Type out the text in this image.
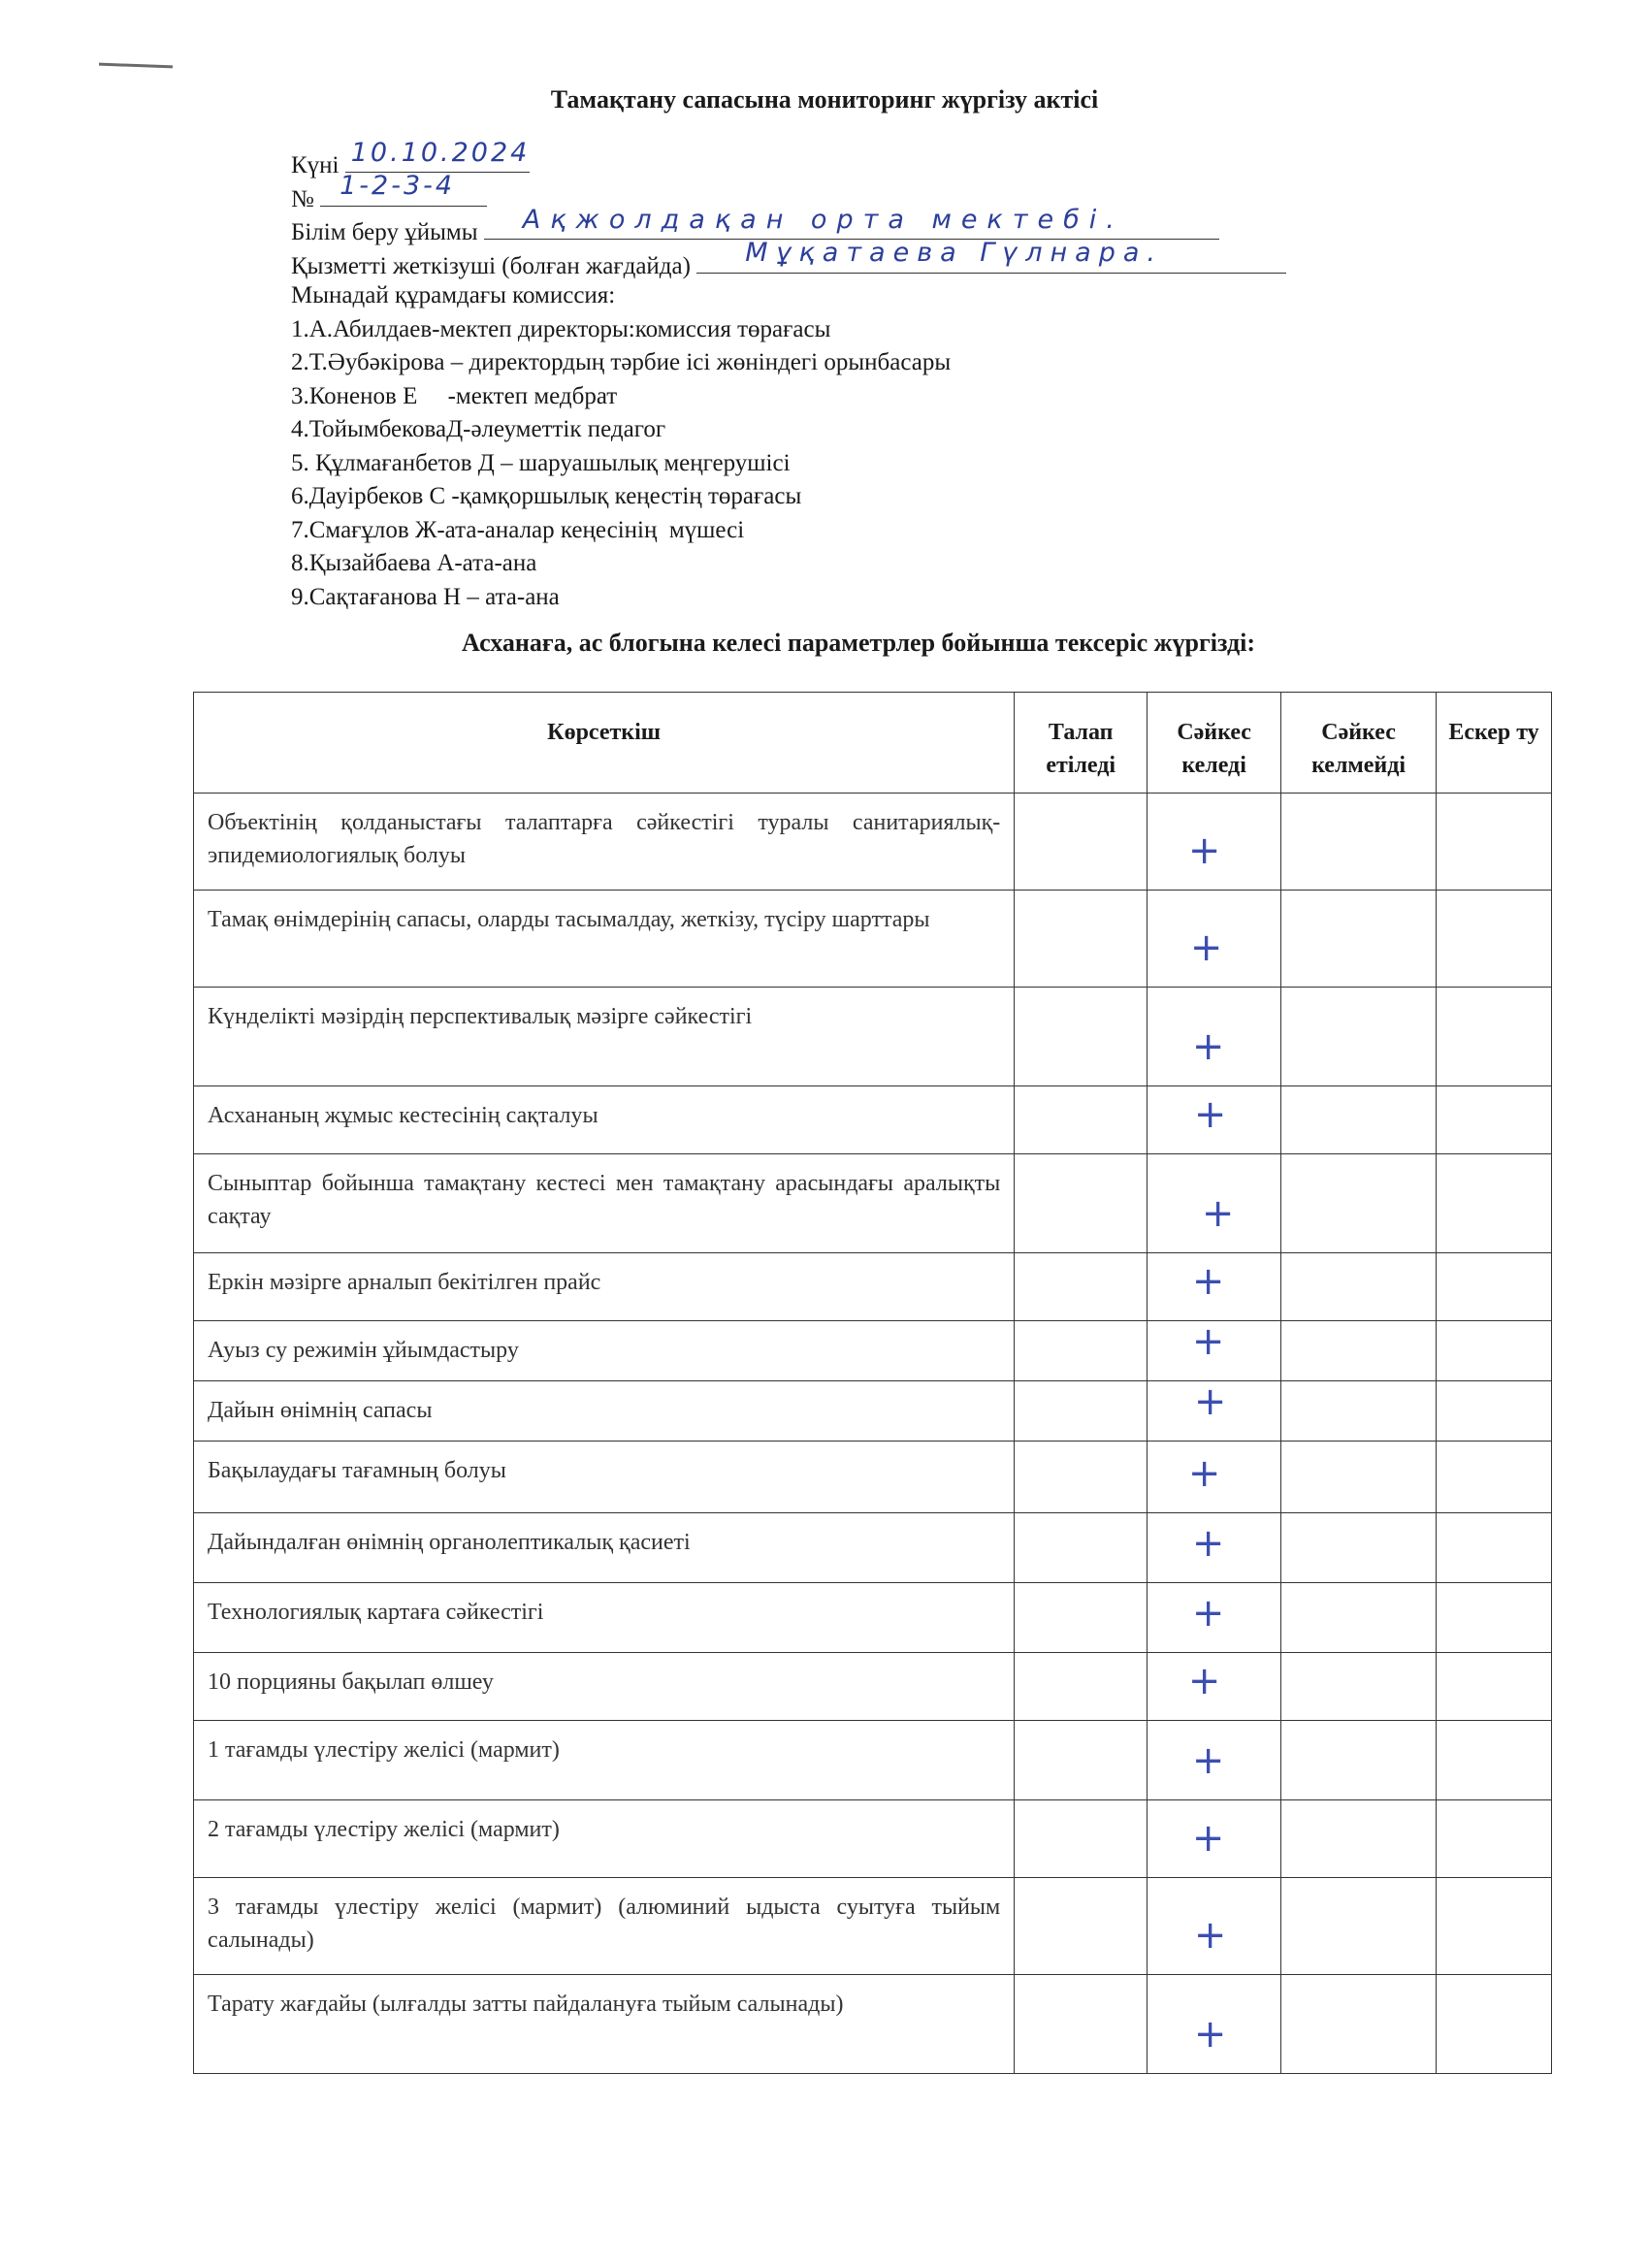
Тамақтану сапасына мониторинг жүргізу актісі
Күні 10.10.2024
№ 1-2-3-4
Білім беру ұйымы Ақжолдақан орта мектебі.
Қызметті жеткізуші (болған жағдайда) Мұқатаева Гүлнара.
Мынадай құрамдағы комиссия:
1.А.Абилдаев-мектеп директоры:комиссия төрағасы
2.Т.Әубәкірова – директордың тәрбие ісі жөніндегі орынбасары
3.Коненов Е     -мектеп медбрат
4.ТойымбековаД-әлеуметтік педагог
5. Құлмағанбетов Д – шаруашылық меңгерушісі
6.Дауірбеков С -қамқоршылық кеңестің төрағасы
7.Смағұлов Ж-ата-аналар кеңесінің  мүшесі
8.Қызайбаева А-ата-ана
9.Сақтағанова Н – ата-ана
Асханаға, ас блогына келесі параметрлер бойынша тексеріс жүргізді:
Көрсеткіш	Талап етіледі	Сәйкес келеді	Сәйкес келмейді	Ескер ту
Объектінің қолданыстағы талаптарға сәйкестігі туралы санитариялық-эпидемиологиялық болуы		+		

Тамақ өнімдерінің сапасы, оларды тасымалдау, жеткізу, түсіру шарттары		+		

Күнделікті мәзірдің перспективалық мәзірге сәйкестігі		+		

Асхананың жұмыс кестесінің сақталуы		+		

Сыныптар бойынша тамақтану кестесі мен тамақтану арасындағы аралықты сақтау		+		

Еркін мәзірге арналып бекітілген прайс		+		

Ауыз су режимін ұйымдастыру		+		

Дайын өнімнің сапасы		+		

Бақылаудағы тағамның болуы		+		

Дайындалған өнімнің органолептикалық қасиеті		+		

Технологиялық картаға сәйкестігі		+		

10 порцияны бақылап өлшеу		+		

1 тағамды үлестіру желісі (мармит)		+		

2 тағамды үлестіру желісі (мармит)		+		

3 тағамды үлестіру желісі (мармит) (алюминий ыдыста суытуға тыйым салынады)		+		

Тарату жағдайы (ылғалды затты пайдалануға тыйым салынады)		+		
